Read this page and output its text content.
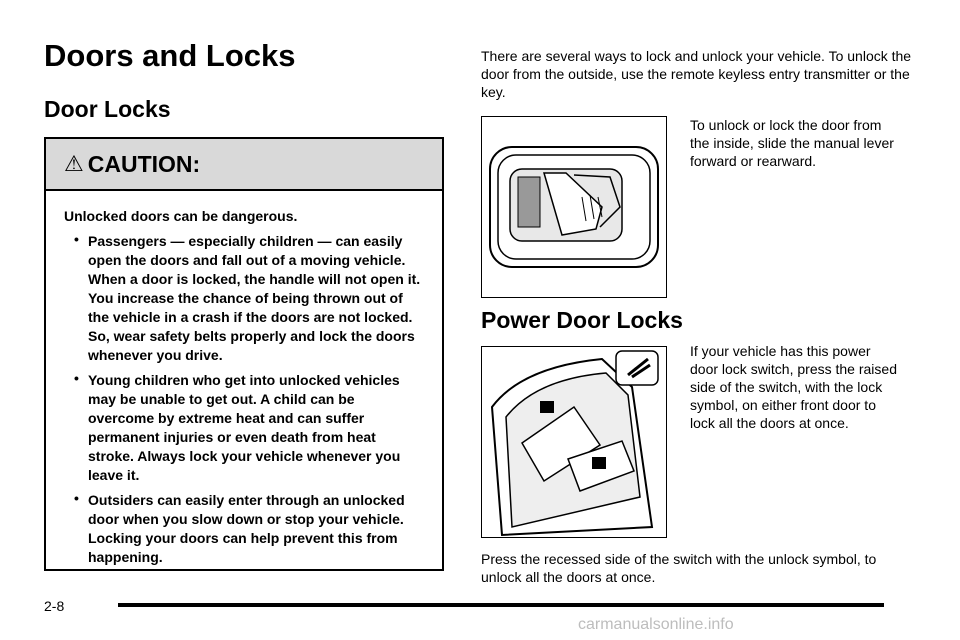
Doors and Locks
Door Locks
⚠ CAUTION:

Unlocked doors can be dangerous.

• Passengers — especially children — can easily open the doors and fall out of a moving vehicle. When a door is locked, the handle will not open it. You increase the chance of being thrown out of the vehicle in a crash if the doors are not locked. So, wear safety belts properly and lock the doors whenever you drive.
• Young children who get into unlocked vehicles may be unable to get out. A child can be overcome by extreme heat and can suffer permanent injuries or even death from heat stroke. Always lock your vehicle whenever you leave it.
• Outsiders can easily enter through an unlocked door when you slow down or stop your vehicle. Locking your doors can help prevent this from happening.
There are several ways to lock and unlock your vehicle. To unlock the door from the outside, use the remote keyless entry transmitter or the key.
To unlock or lock the door from the inside, slide the manual lever forward or rearward.
Power Door Locks
If your vehicle has this power door lock switch, press the raised side of the switch, with the lock symbol, on either front door to lock all the doors at once.
Press the recessed side of the switch with the unlock symbol, to unlock all the doors at once.
2-8
carmanualsonline.info
